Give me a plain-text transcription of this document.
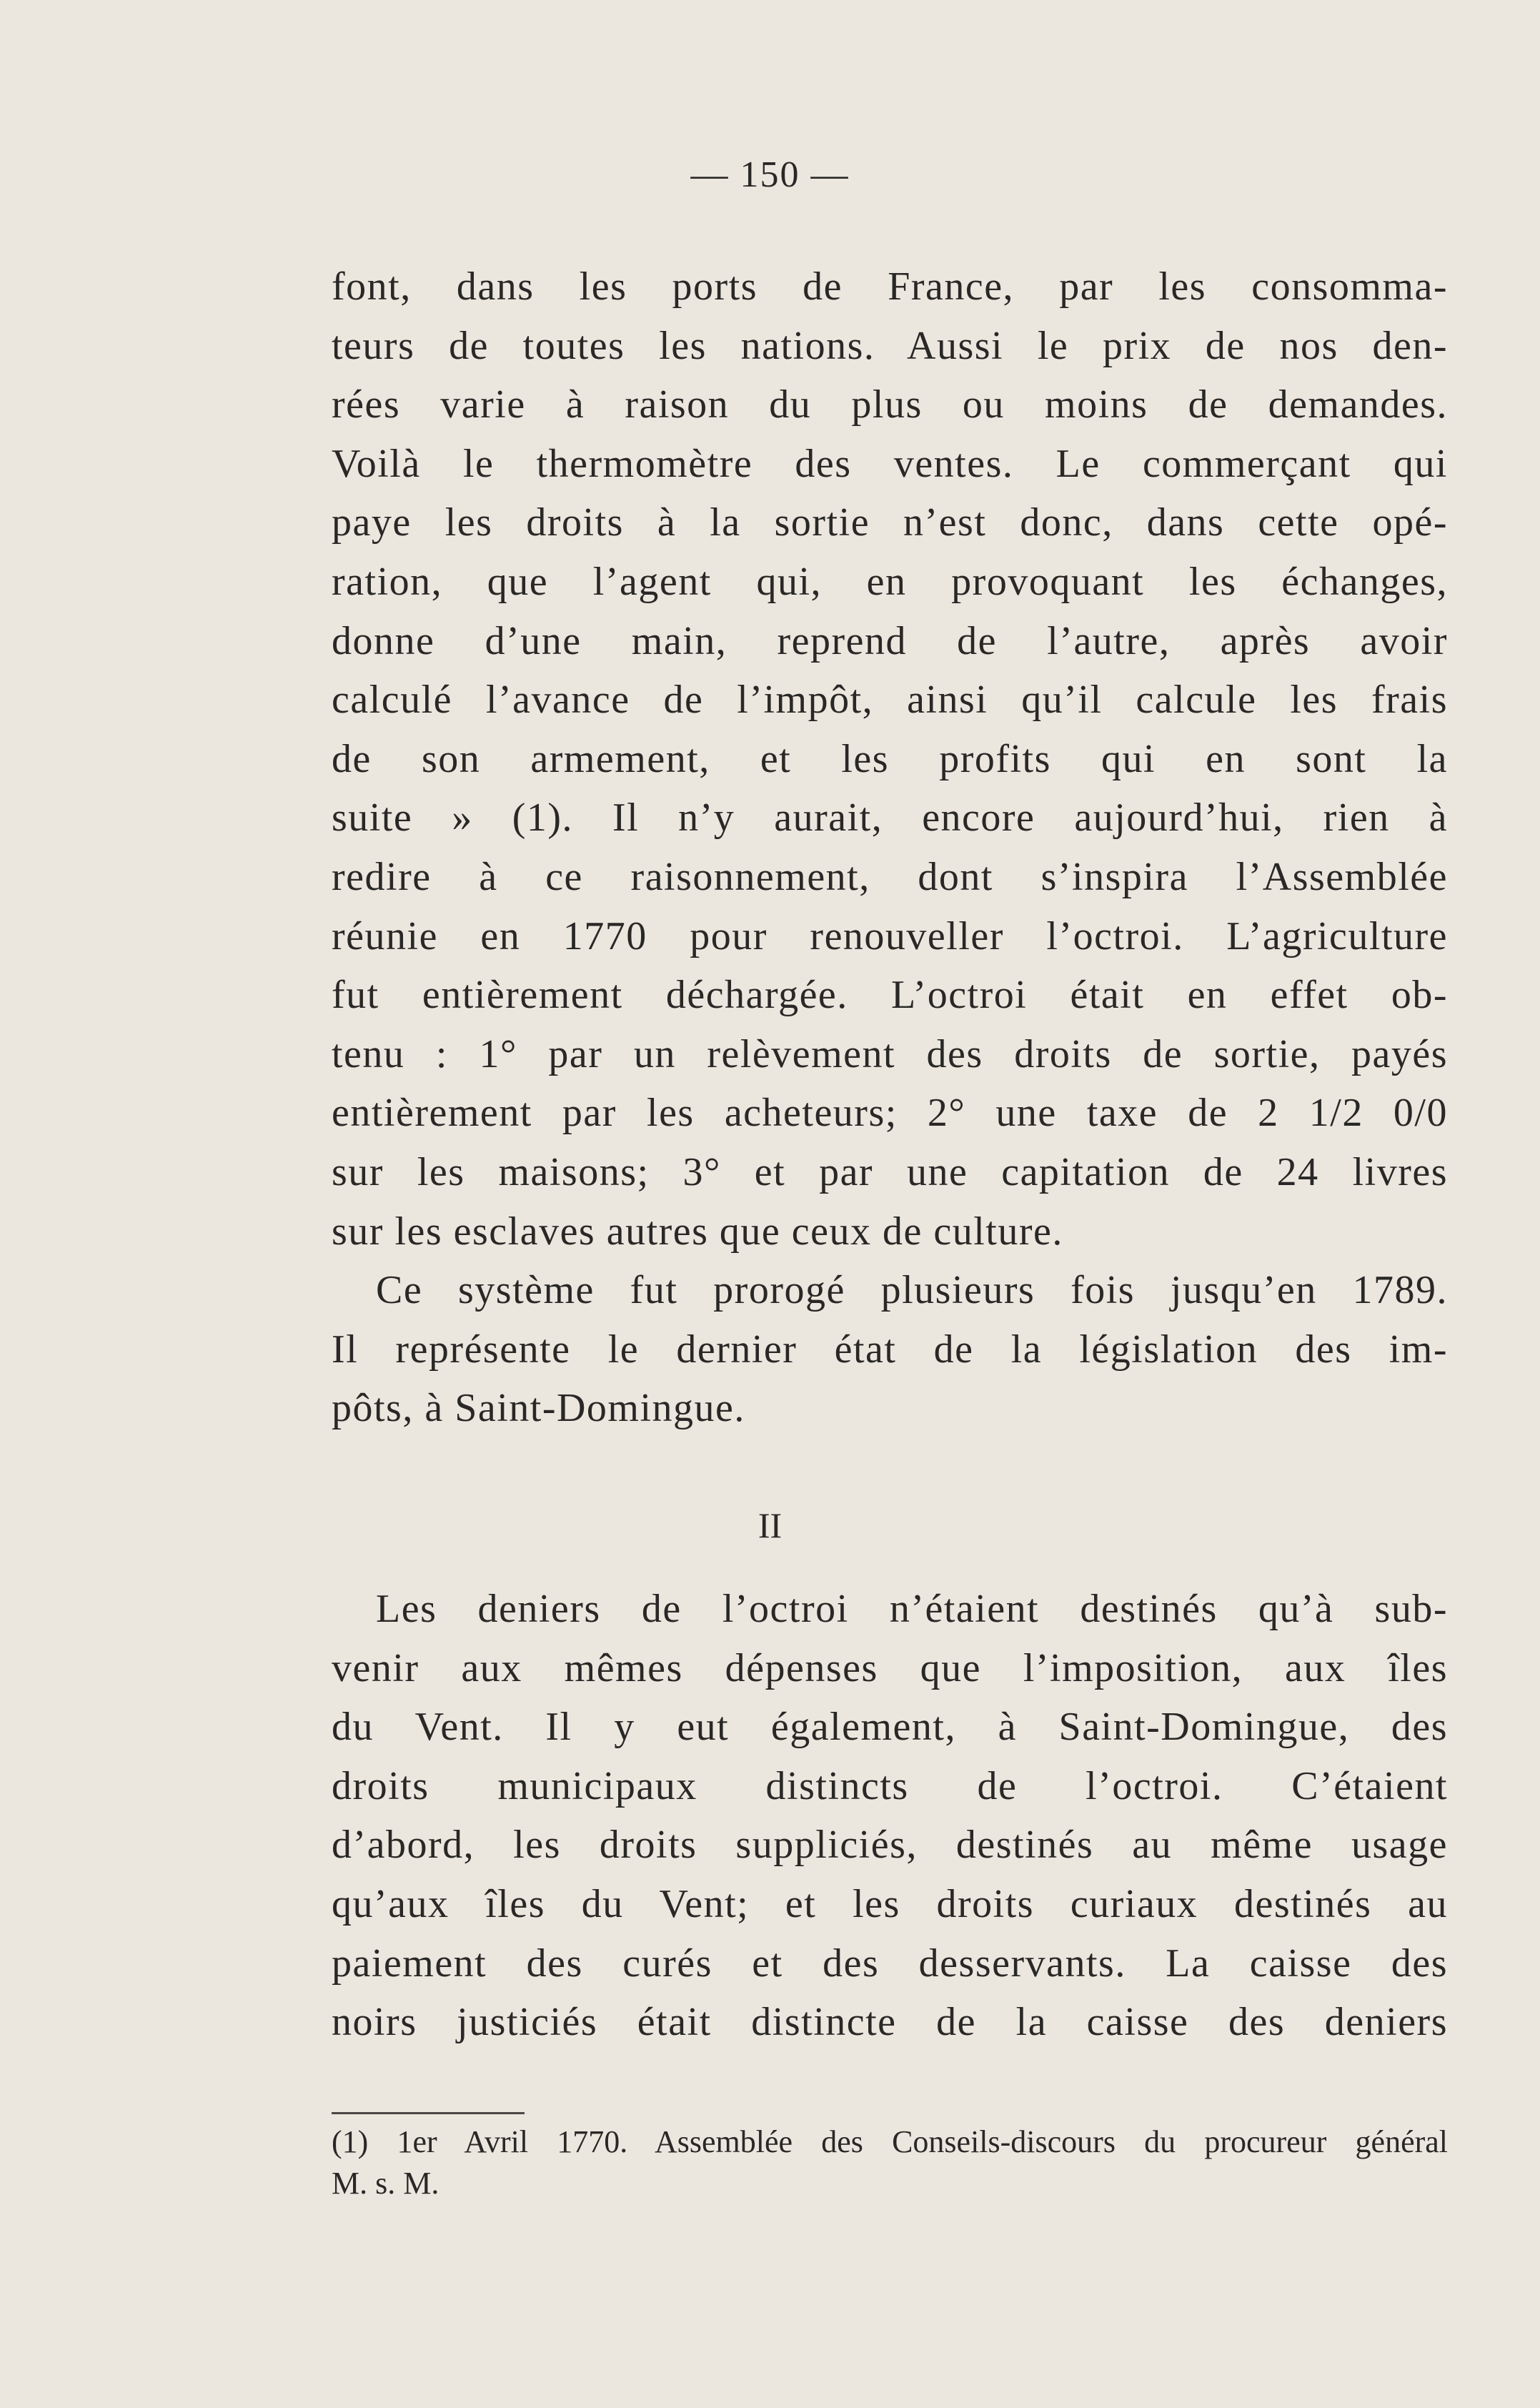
— 150 —
font, dans les ports de France, par les consomma-
teurs de toutes les nations. Aussi le prix de nos den-
rées varie à raison du plus ou moins de demandes.
Voilà le thermomètre des ventes. Le commerçant qui
paye les droits à la sortie n’est donc, dans cette opé-
ration, que l’agent qui, en provoquant les échanges,
donne d’une main, reprend de l’autre, après avoir
calculé l’avance de l’impôt, ainsi qu’il calcule les frais
de son armement, et les profits qui en sont la
suite » (1). Il n’y aurait, encore aujourd’hui, rien à
redire à ce raisonnement, dont s’inspira l’Assemblée
réunie en 1770 pour renouveller l’octroi. L’agriculture
fut entièrement déchargée. L’octroi était en effet ob-
tenu : 1° par un relèvement des droits de sortie, payés
entièrement par les acheteurs; 2° une taxe de 2 1/2 0/0
sur les maisons; 3° et par une capitation de 24 livres
sur les esclaves autres que ceux de culture.
Ce système fut prorogé plusieurs fois jusqu’en 1789.
Il représente le dernier état de la législation des im-
pôts, à Saint-Domingue.
II
Les deniers de l’octroi n’étaient destinés qu’à sub-
venir aux mêmes dépenses que l’imposition, aux îles
du Vent. Il y eut également, à Saint-Domingue, des
droits municipaux distincts de l’octroi. C’étaient
d’abord, les droits suppliciés, destinés au même usage
qu’aux îles du Vent; et les droits curiaux destinés au
paiement des curés et des desservants. La caisse des
noirs justiciés était distincte de la caisse des deniers
(1) 1er Avril 1770. Assemblée des Conseils-discours du procureur général
M. s. M.
